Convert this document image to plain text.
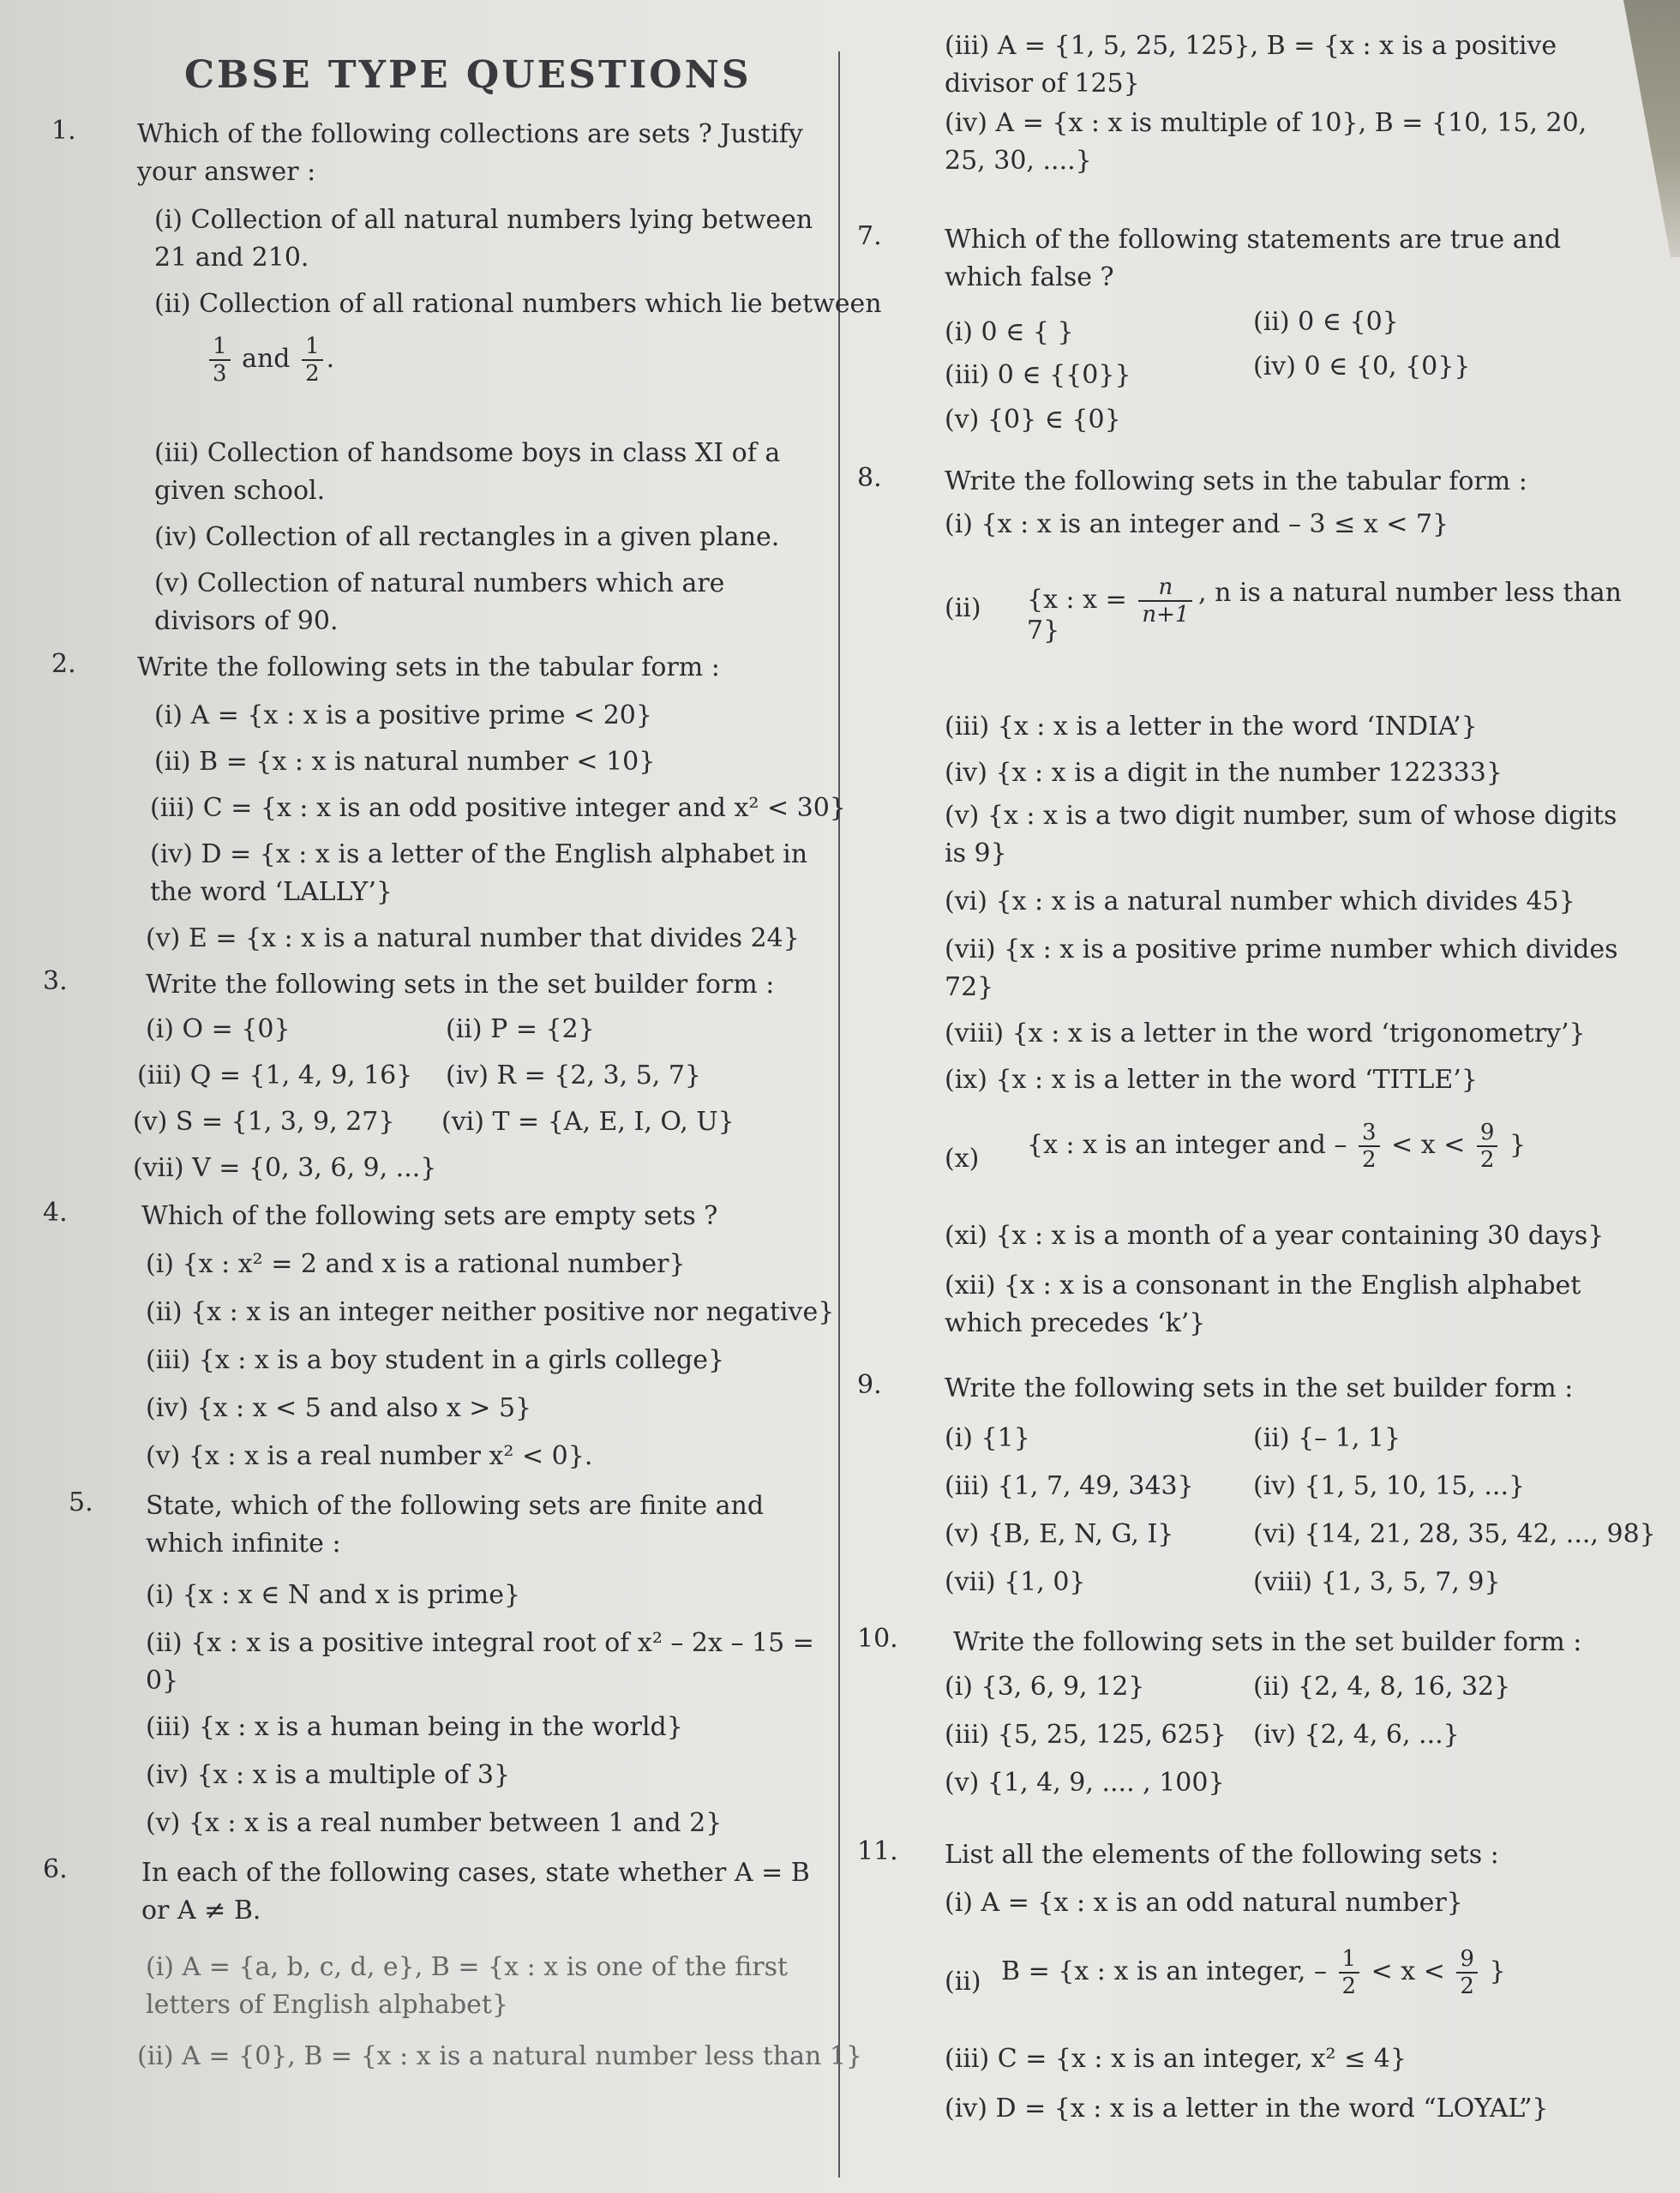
CBSE TYPE QUESTIONS
1. Which of the following collections are sets ? Justify your answer :
(i) Collection of all natural numbers lying between 21 and 210.
(ii) Collection of all rational numbers which lie between
$\frac{1}{3}$ and $\frac{1}{2}$ .
(iii) Collection of handsome boys in class XI of a given school.
(iv) Collection of all rectangles in a given plane.
(v) Collection of natural numbers which are divisors of 90.
2. Write the following sets in the tabular form :
(i) A = {x : x is a positive prime < 20}
(ii) B = {x : x is natural number < 10}
(iii) C = {x : x is an odd positive integer and x² < 30}
(iv) D = {x : x is a letter of the English alphabet in the word ‘LALLY’}
(v) E = {x : x is a natural number that divides 24}
3.	Write the following sets in the set builder form :
(i) O = {0}	(ii) P = {2}
(iii) Q = {1, 4, 9, 16} (iv) R = {2, 3, 5, 7}
(v) S = {1, 3, 9, 27} (vi) T = {A, E, I, O, U}
(vii) V = {0, 3, 6, 9, ...}
4.	Which of the following sets are empty sets ?
(i) {x : x² = 2 and x is a rational number}
(ii) {x : x is an integer neither positive nor negative}
(iii) {x : x is a boy student in a girls college}
(iv) {x : x < 5 and also x > 5}
(v) {x : x is a real number x² < 0}.
5. State, which of the following sets are finite and which infinite :
(i) {x : x ∈ N and x is prime}
(ii) {x : x is a positive integral root of x² – 2x – 15 = 0}
(iii) {x : x is a human being in the world}
(iv) {x : x is a multiple of 3}
(v) {x : x is a real number between 1 and 2}
6.	In each of the following cases, state whether A = B or A ≠ B.
(i) A = {a, b, c, d, e}, B = {x : x is one of the first letters of English alphabet}
(ii) A = {0}, B = {x : x is a natural number less than 1}
(iii) A = {1, 5, 25, 125}, B = {x : x is a positive divisor of 125}
(iv) A = {x : x is multiple of 10}, B = {10, 15, 20, 25, 30, ....}
7. Which of the following statements are true and which false ?
(i) 0 ∈ { }	(ii) 0 ∈ {0}
(iii) 0 ∈ {{0}}	(iv) 0 ∈ {0, {0}}
(v) {0} ∈ {0}
8. Write the following sets in the tabular form :
(i) {x : x is an integer and – 3 ≤ x < 7}
(ii) {x : $x = \frac{n}{n+1}$ , n is a natural number less than 7}
(iii) {x : x is a letter in the word ‘INDIA’}
(iv) {x : x is a digit in the number 122333}
(v) {x : x is a two digit number, sum of whose digits is 9}
(vi) {x : x is a natural number which divides 45}
(vii) {x : x is a positive prime number which divides 72}
(viii) {x : x is a letter in the word ‘trigonometry’}
(ix) {x : x is a letter in the word ‘TITLE’}
(x) {x : x is an integer and – $\frac{3}{2} < x < \frac{9}{2}$ }
(xi) {x : x is a month of a year containing 30 days}
(xii) {x : x is a consonant in the English alphabet which precedes ‘k’}
9. Write the following sets in the set builder form :
(i) {1}	(ii) {– 1, 1}
(iii) {1, 7, 49, 343} (iv) {1, 5, 10, 15, ...}
(v) {B, E, N, G, I}	(vi) {14, 21, 28, 35, 42, ..., 98}
(vii) {1, 0}	(viii) {1, 3, 5, 7, 9}
10. Write the following sets in the set builder form :
(i) {3, 6, 9, 12}	(ii) {2, 4, 8, 16, 32}
(iii) {5, 25, 125, 625} (iv) {2, 4, 6, ...}
(v) {1, 4, 9, .... , 100}
11. List all the elements of the following sets :
(i) A = {x : x is an odd natural number}
(ii) B = {x : x is an integer, – $\frac{1}{2} < x < \frac{9}{2}$ }
(iii) C = {x : x is an integer, x² ≤ 4}
(iv) D = {x : x is a letter in the word “LOYAL”}
